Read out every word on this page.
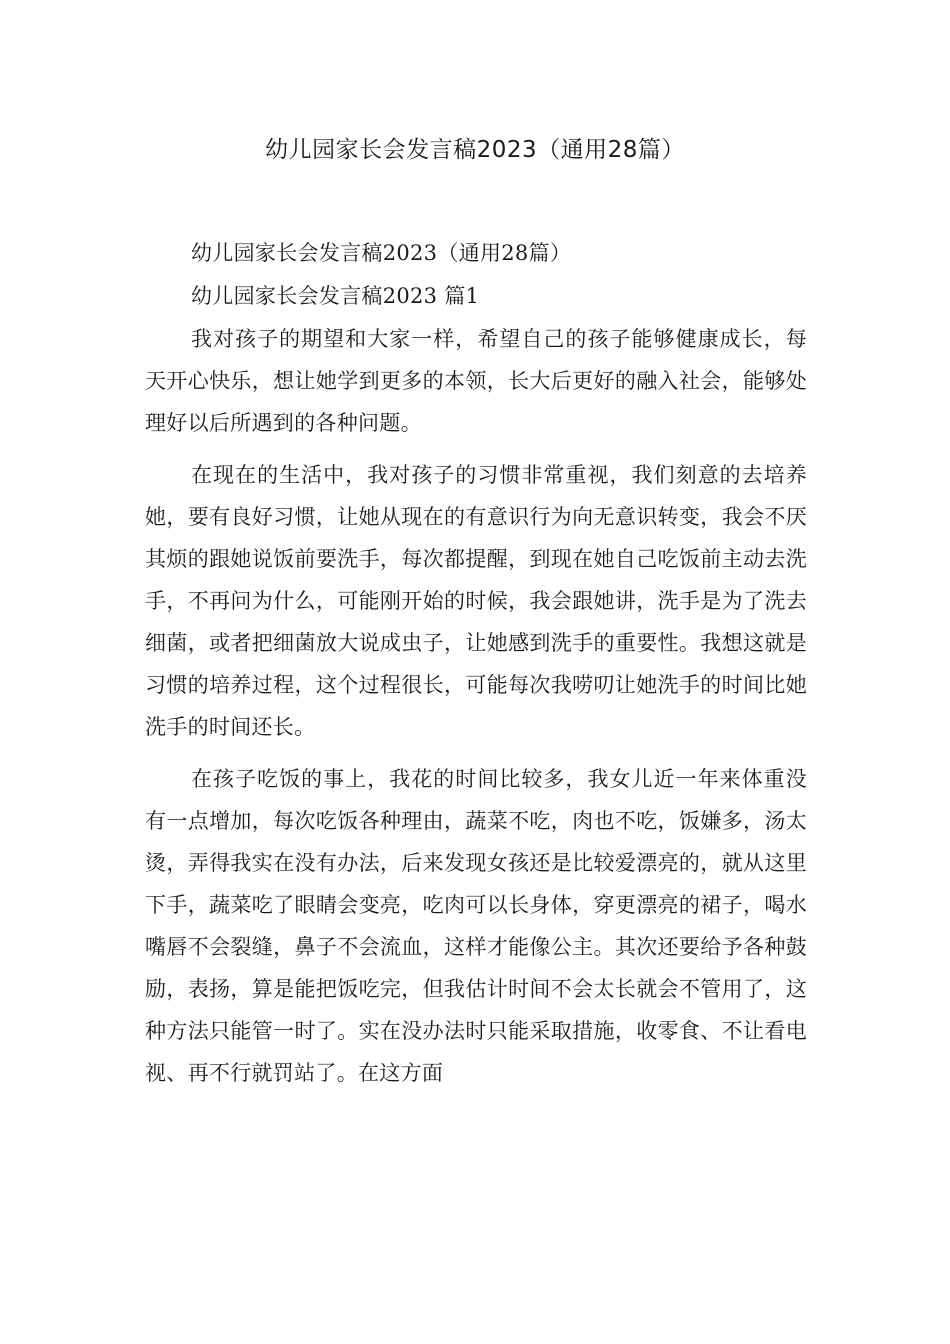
幼儿园家长会发言稿2023（通用28篇）

幼儿园家长会发言稿2023（通用28篇）

幼儿园家长会发言稿2023 篇1

我对孩子的期望和大家一样，希望自己的孩子能够健康成长，每天开心快乐，想让她学到更多的本领，长大后更好的融入社会，能够处理好以后所遇到的各种问题。

在现在的生活中，我对孩子的习惯非常重视，我们刻意的去培养她，要有良好习惯，让她从现在的有意识行为向无意识转变，我会不厌其烦的跟她说饭前要洗手，每次都提醒，到现在她自己吃饭前主动去洗手，不再问为什么，可能刚开始的时候，我会跟她讲，洗手是为了洗去细菌，或者把细菌放大说成虫子，让她感到洗手的重要性。我想这就是习惯的培养过程，这个过程很长，可能每次我唠叨让她洗手的时间比她洗手的时间还长。

在孩子吃饭的事上，我花的时间比较多，我女儿近一年来体重没有一点增加，每次吃饭各种理由，蔬菜不吃，肉也不吃，饭嫌多，汤太烫，弄得我实在没有办法，后来发现女孩还是比较爱漂亮的，就从这里下手，蔬菜吃了眼睛会变亮，吃肉可以长身体，穿更漂亮的裙子，喝水嘴唇不会裂缝，鼻子不会流血，这样才能像公主。其次还要给予各种鼓励，表扬，算是能把饭吃完，但我估计时间不会太长就会不管用了，这种方法只能管一时了。实在没办法时只能采取措施，收零食、不让看电视、再不行就罚站了。在这方面
